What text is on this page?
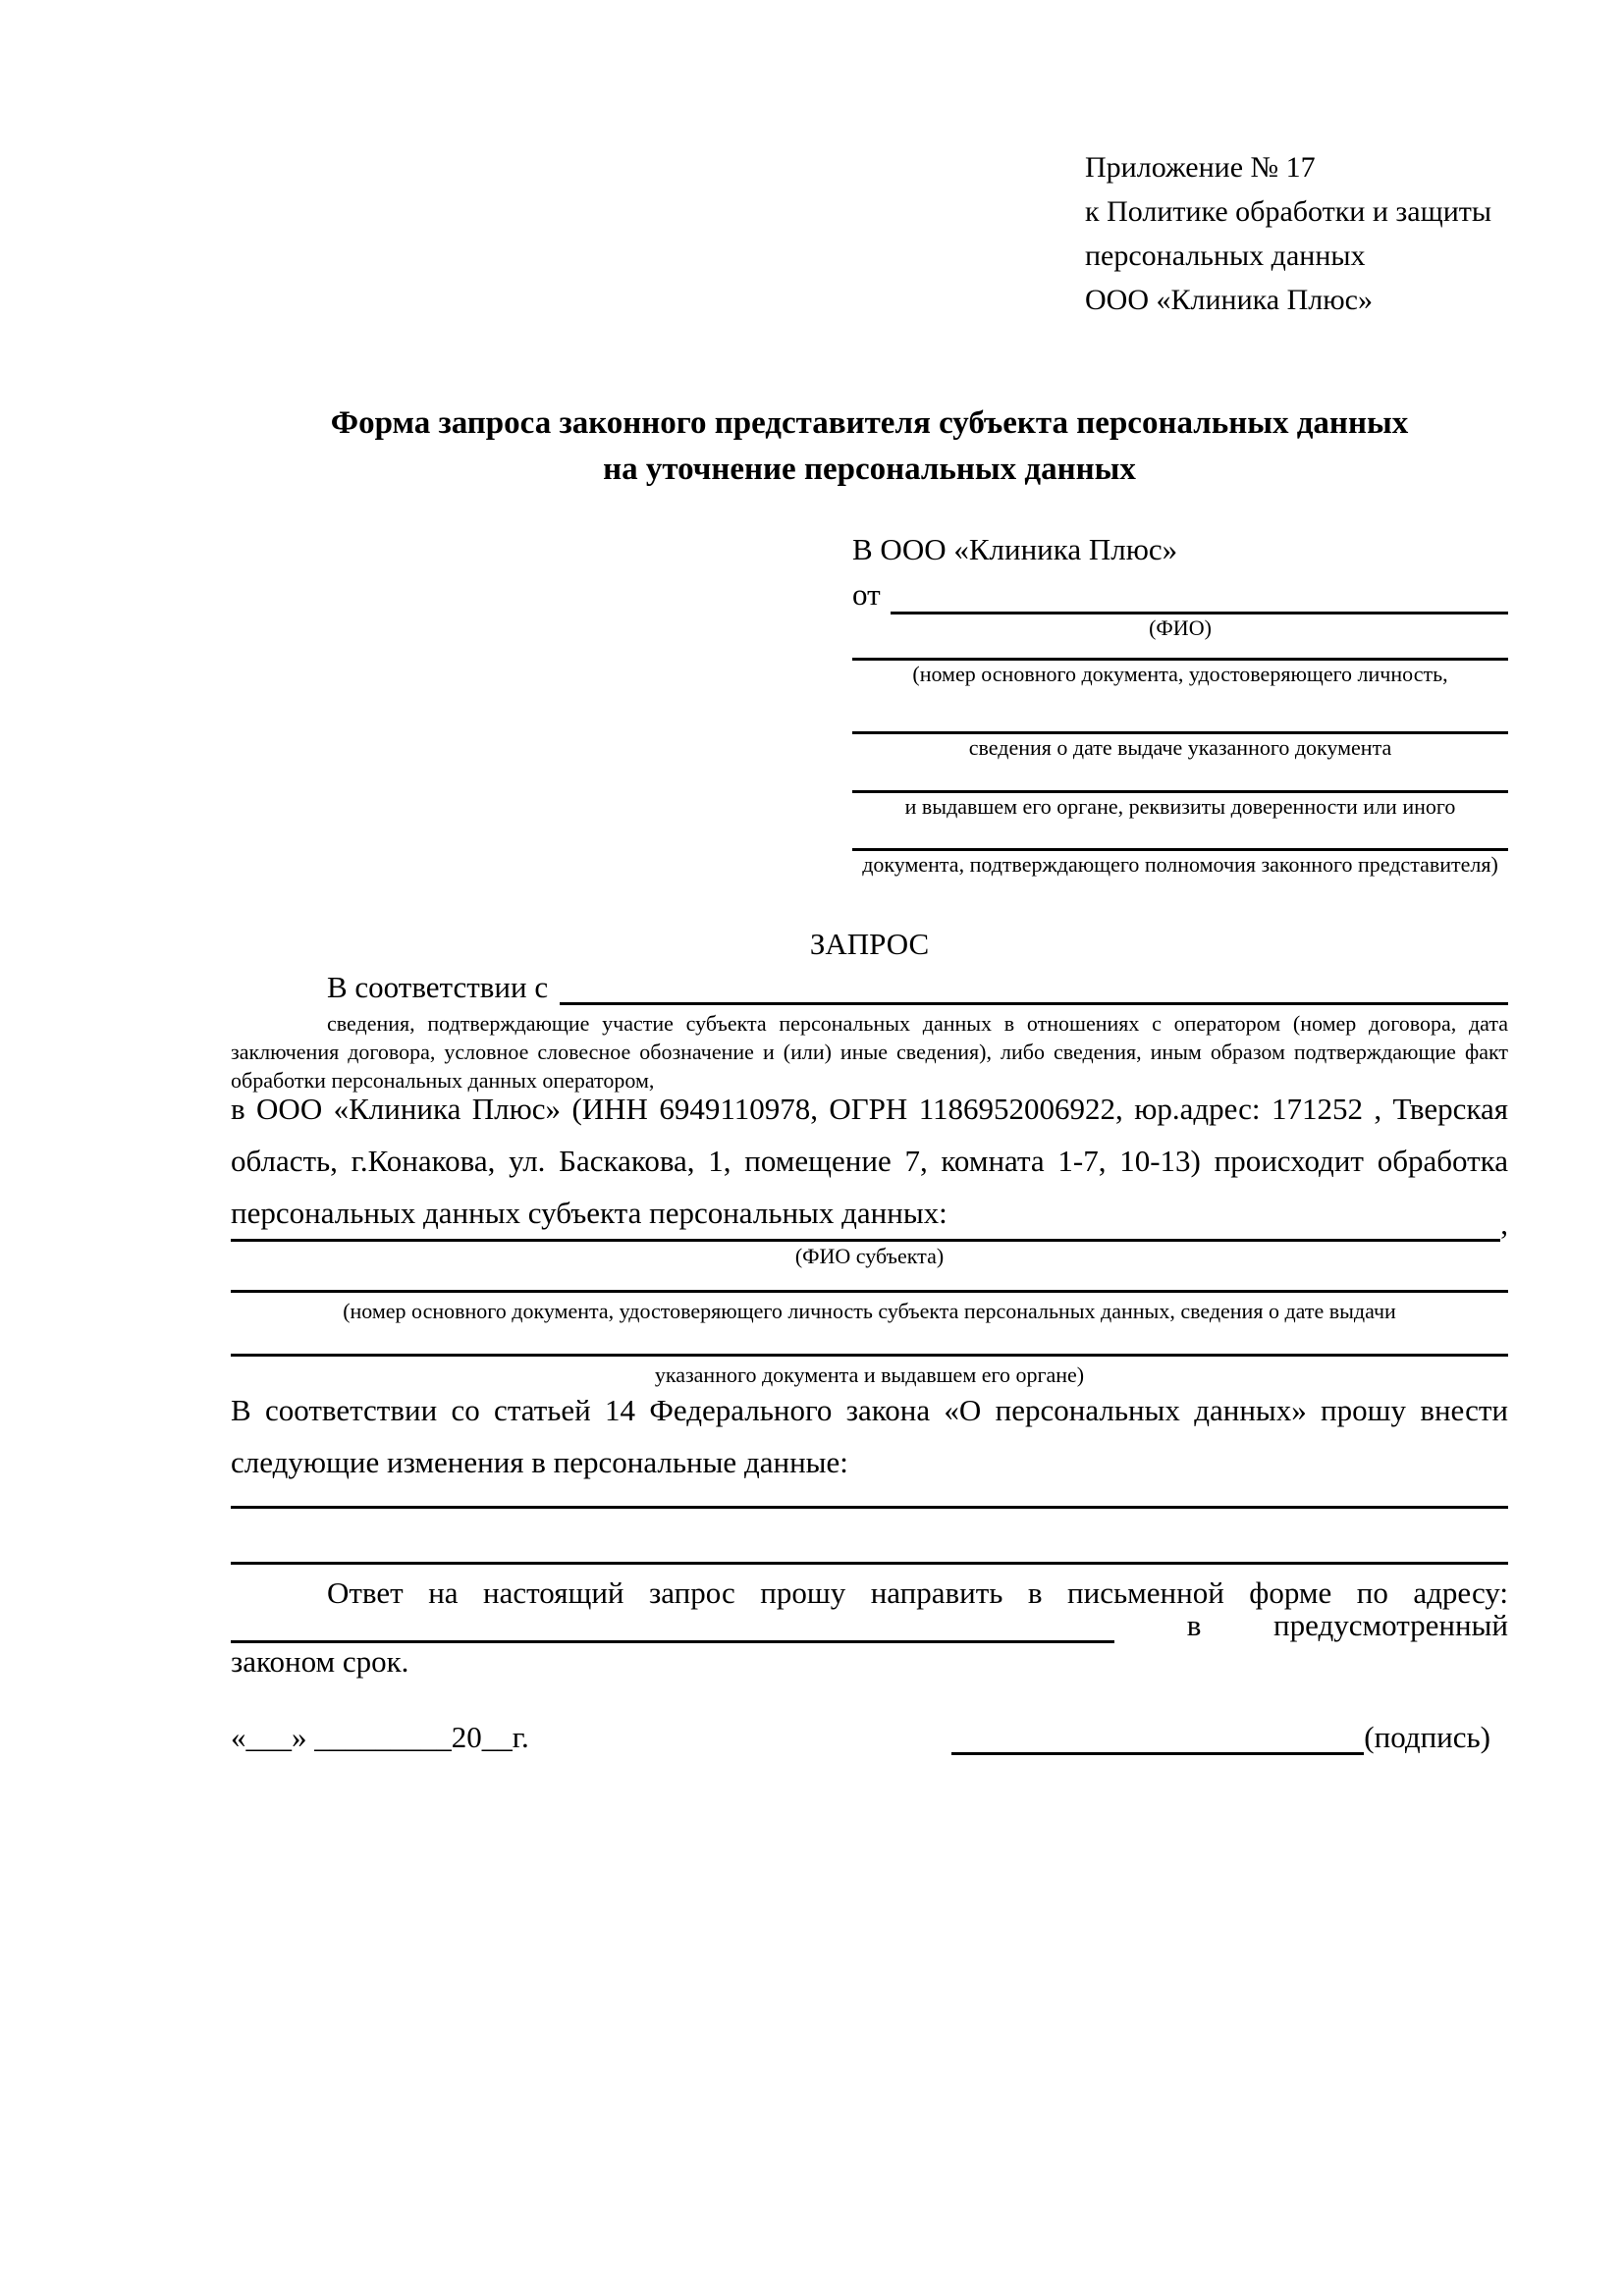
Приложение № 17
к Политике обработки и защиты
персональных данных
ООО «Клиника Плюс»
Форма запроса законного представителя субъекта персональных данных
на уточнение персональных данных
В ООО «Клиника Плюс»
от
(ФИО)
(номер основного документа, удостоверяющего личность,
сведения о дате выдаче указанного документа
и выдавшем его органе, реквизиты доверенности или иного
документа, подтверждающего полномочия законного представителя)
ЗАПРОС
В соответствии с
сведения, подтверждающие участие субъекта персональных данных в отношениях с оператором (номер договора, дата заключения договора, условное словесное обозначение и (или) иные сведения), либо сведения, иным образом подтверждающие факт обработки персональных данных оператором,
в ООО «Клиника Плюс» (ИНН 6949110978, ОГРН 1186952006922, юр.адрес: 171252 , Тверская область, г.Конакова, ул. Баскакова, 1, помещение 7, комната 1-7, 10-13) происходит обработка персональных данных субъекта персональных данных:	,
(ФИО субъекта)
(номер основного документа, удостоверяющего личность субъекта персональных данных, сведения о дате выдачи
указанного документа и выдавшем его органе)
В соответствии со статьей 14 Федерального закона «О персональных данных» прошу внести следующие изменения в персональные данные:
Ответ на настоящий запрос прошу направить в письменной форме по адресу:
в предусмотренный
законом срок.
«___» _________20__г.	(подпись)
